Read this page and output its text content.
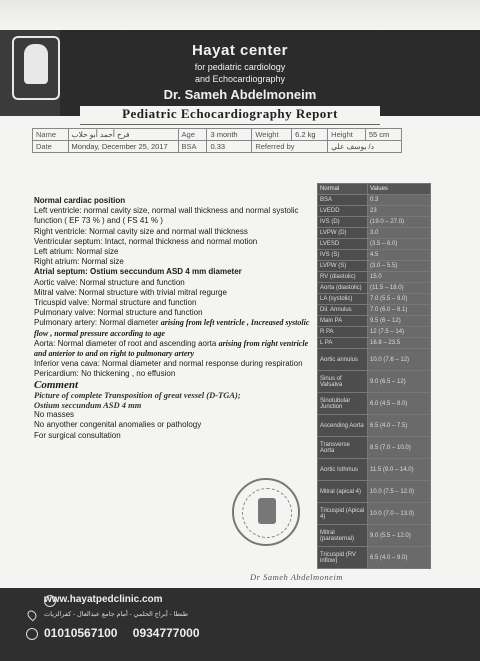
Hayat center
for pediatric cardiology
and Echocardiography
Dr. Sameh Abdelmoneim
Pediatric Echocardiography Report
Name	فرح أحمد أبو حلاب	Age	3 month	Weight	6.2 kg	Height	55 cm
Date	Monday, December 25, 2017	BSA	0.33	Referred by		د/ يوسف علي	

Normal cardiac position

Left ventricle: normal cavity size, normal wall thickness and normal systolic function ( EF 73 % ) and ( FS 41 % )

Right ventricle: Normal cavity size and normal wall thickness

Ventricular septum: Intact, normal thickness and normal motion

Left atrium: Normal size

Right atrium: Normal size

Atrial septum: Ostium seccundum ASD 4 mm diameter

Aortic valve: Normal structure and function

Mitral valve: Normal structure with trivial mitral regurge

Tricuspid valve: Normal structure and function

Pulmonary valve: Normal structure and function

Pulmonary artery: Normal diameter arising from left ventricle , Increased systolic flow , normal pressure according to age

Aorta: Normal diameter of root and ascending aorta arising from right ventricle and anterior to and on right to pulmonary artery

Inferior vena cava: Normal diameter and normal response during respiration

Pericardium: No thickening , no effusion

Comment

Picture of complete Transposition of great vessel (D-TGA);

Ostium seccundum ASD 4 mm

No masses

No anyother congenital anomalies or pathology

For surgical consultation

Normal	Values
BSA	0.3
LVEDD	23
IVS (D)	(19.0 – 27.0)
LVPW (D)	3.0
LVESD	(3.5 – 6.0)
IVS (S)	4.5
LVPW (S)	(3.0 – 5.5)
RV (diastolic)	15.0
Aorta (diastolic)	(11.5 – 18.0)
LA (systolic)	7.0 (5.5 – 9.0)
Dil. Annulus	7.0 (6.0 – 8.1)
Main PA	9.5 (6 – 12)
R PA	12 (7.5 – 14)
L PA	16.8 – 23.5
Aortic annulus	10.0 (7.6 – 12)
Sinus of Valsalva	9.0 (6.5 – 12)
Sinotubular Junction	6.0 (4.5 – 8.0)
Ascending Aorta	6.5 (4.0 – 7.5)
Transverse Aorta	8.5 (7.0 – 10.0)
Aortic Isthmus	11.5 (9.0 – 14.0)
Mitral (apical 4)	10.0 (7.5 – 12.0)
Tricuspid (Apical 4)	10.0 (7.0 – 13.0)
Mitral (parasternal)	9.0 (5.5 – 12.0)
Tricuspid (RV inflow)	6.5 (4.0 – 9.0)
Dr Sameh Abdelmoneim
www.hayatpedclinic.com
طنطا - أبراج الحلمي - أمام جامع عبدالعال - كفرالزيات
01010567100 0934777000
